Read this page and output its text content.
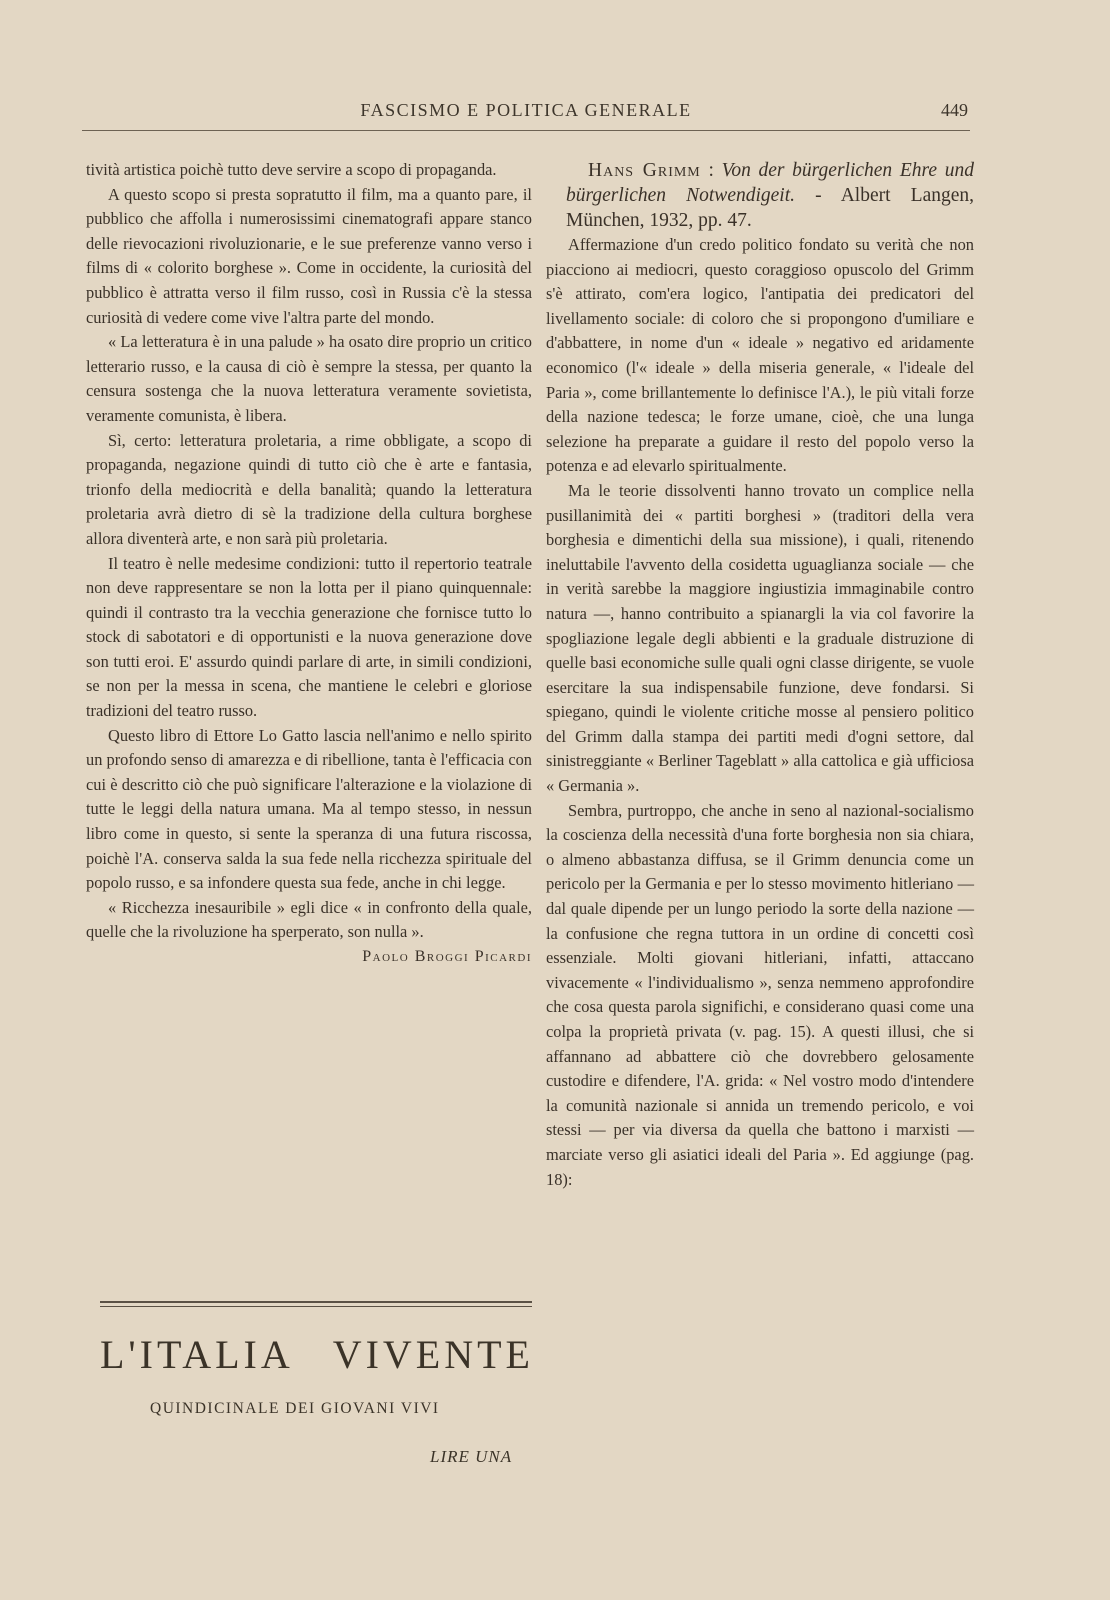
FASCISMO E POLITICA GENERALE	449

tività artistica poichè tutto deve servire a scopo di propaganda.

A questo scopo si presta sopratutto il film, ma a quanto pare, il pubblico che affolla i numerosissimi cinematografi appare stanco delle rievocazioni rivoluzionarie, e le sue preferenze vanno verso i films di « colorito borghese ». Come in occidente, la curiosità del pubblico è attratta verso il film russo, così in Russia c'è la stessa curiosità di vedere come vive l'altra parte del mondo.

« La letteratura è in una palude » ha osato dire proprio un critico letterario russo, e la causa di ciò è sempre la stessa, per quanto la censura sostenga che la nuova letteratura veramente sovietista, veramente comunista, è libera.

Sì, certo: letteratura proletaria, a rime obbligate, a scopo di propaganda, negazione quindi di tutto ciò che è arte e fantasia, trionfo della mediocrità e della banalità; quando la letteratura proletaria avrà dietro di sè la tradizione della cultura borghese allora diventerà arte, e non sarà più proletaria.

Il teatro è nelle medesime condizioni: tutto il repertorio teatrale non deve rappresentare se non la lotta per il piano quinquennale: quindi il contrasto tra la vecchia generazione che fornisce tutto lo stock di sabotatori e di opportunisti e la nuova generazione dove son tutti eroi. E' assurdo quindi parlare di arte, in simili condizioni, se non per la messa in scena, che mantiene le celebri e gloriose tradizioni del teatro russo.

Questo libro di Ettore Lo Gatto lascia nell'animo e nello spirito un profondo senso di amarezza e di ribellione, tanta è l'efficacia con cui è descritto ciò che può significare l'alterazione e la violazione di tutte le leggi della natura umana. Ma al tempo stesso, in nessun libro come in questo, si sente la speranza di una futura riscossa, poichè l'A. conserva salda la sua fede nella ricchezza spirituale del popolo russo, e sa infondere questa sua fede, anche in chi legge.

« Ricchezza inesauribile » egli dice « in confronto della quale, quelle che la rivoluzione ha sperperato, son nulla ».

Paolo Broggi Picardi

L'ITALIA VIVENTE
QUINDICINALE DEI GIOVANI VIVI
LIRE UNA

Hans Grimm : Von der bürgerlichen Ehre und bürgerlichen Notwendigeit. - Albert Langen, München, 1932, pp. 47.

Affermazione d'un credo politico fondato su verità che non piacciono ai mediocri, questo coraggioso opuscolo del Grimm s'è attirato, com'era logico, l'antipatia dei predicatori del livellamento sociale: di coloro che si propongono d'umiliare e d'abbattere, in nome d'un « ideale » negativo ed aridamente economico (l'« ideale » della miseria generale, « l'ideale del Paria », come brillantemente lo definisce l'A.), le più vitali forze della nazione tedesca; le forze umane, cioè, che una lunga selezione ha preparate a guidare il resto del popolo verso la potenza e ad elevarlo spiritualmente.

Ma le teorie dissolventi hanno trovato un complice nella pusillanimità dei « partiti borghesi » (traditori della vera borghesia e dimentichi della sua missione), i quali, ritenendo ineluttabile l'avvento della cosidetta uguaglianza sociale — che in verità sarebbe la maggiore ingiustizia immaginabile contro natura —, hanno contribuito a spianargli la via col favorire la spogliazione legale degli abbienti e la graduale distruzione di quelle basi economiche sulle quali ogni classe dirigente, se vuole esercitare la sua indispensabile funzione, deve fondarsi. Si spiegano, quindi le violente critiche mosse al pensiero politico del Grimm dalla stampa dei partiti medi d'ogni settore, dal sinistreggiante « Berliner Tageblatt » alla cattolica e già ufficiosa « Germania ».

Sembra, purtroppo, che anche in seno al nazional-socialismo la coscienza della necessità d'una forte borghesia non sia chiara, o almeno abbastanza diffusa, se il Grimm denuncia come un pericolo per la Germania e per lo stesso movimento hitleriano — dal quale dipende per un lungo periodo la sorte della nazione — la confusione che regna tuttora in un ordine di concetti così essenziale. Molti giovani hitleriani, infatti, attaccano vivacemente « l'individualismo », senza nemmeno approfondire che cosa questa parola significhi, e considerano quasi come una colpa la proprietà privata (v. pag. 15). A questi illusi, che si affannano ad abbattere ciò che dovrebbero gelosamente custodire e difendere, l'A. grida: « Nel vostro modo d'intendere la comunità nazionale si annida un tremendo pericolo, e voi stessi — per via diversa da quella che battono i marxisti — marciate verso gli asiatici ideali del Paria ». Ed aggiunge (pag. 18):
